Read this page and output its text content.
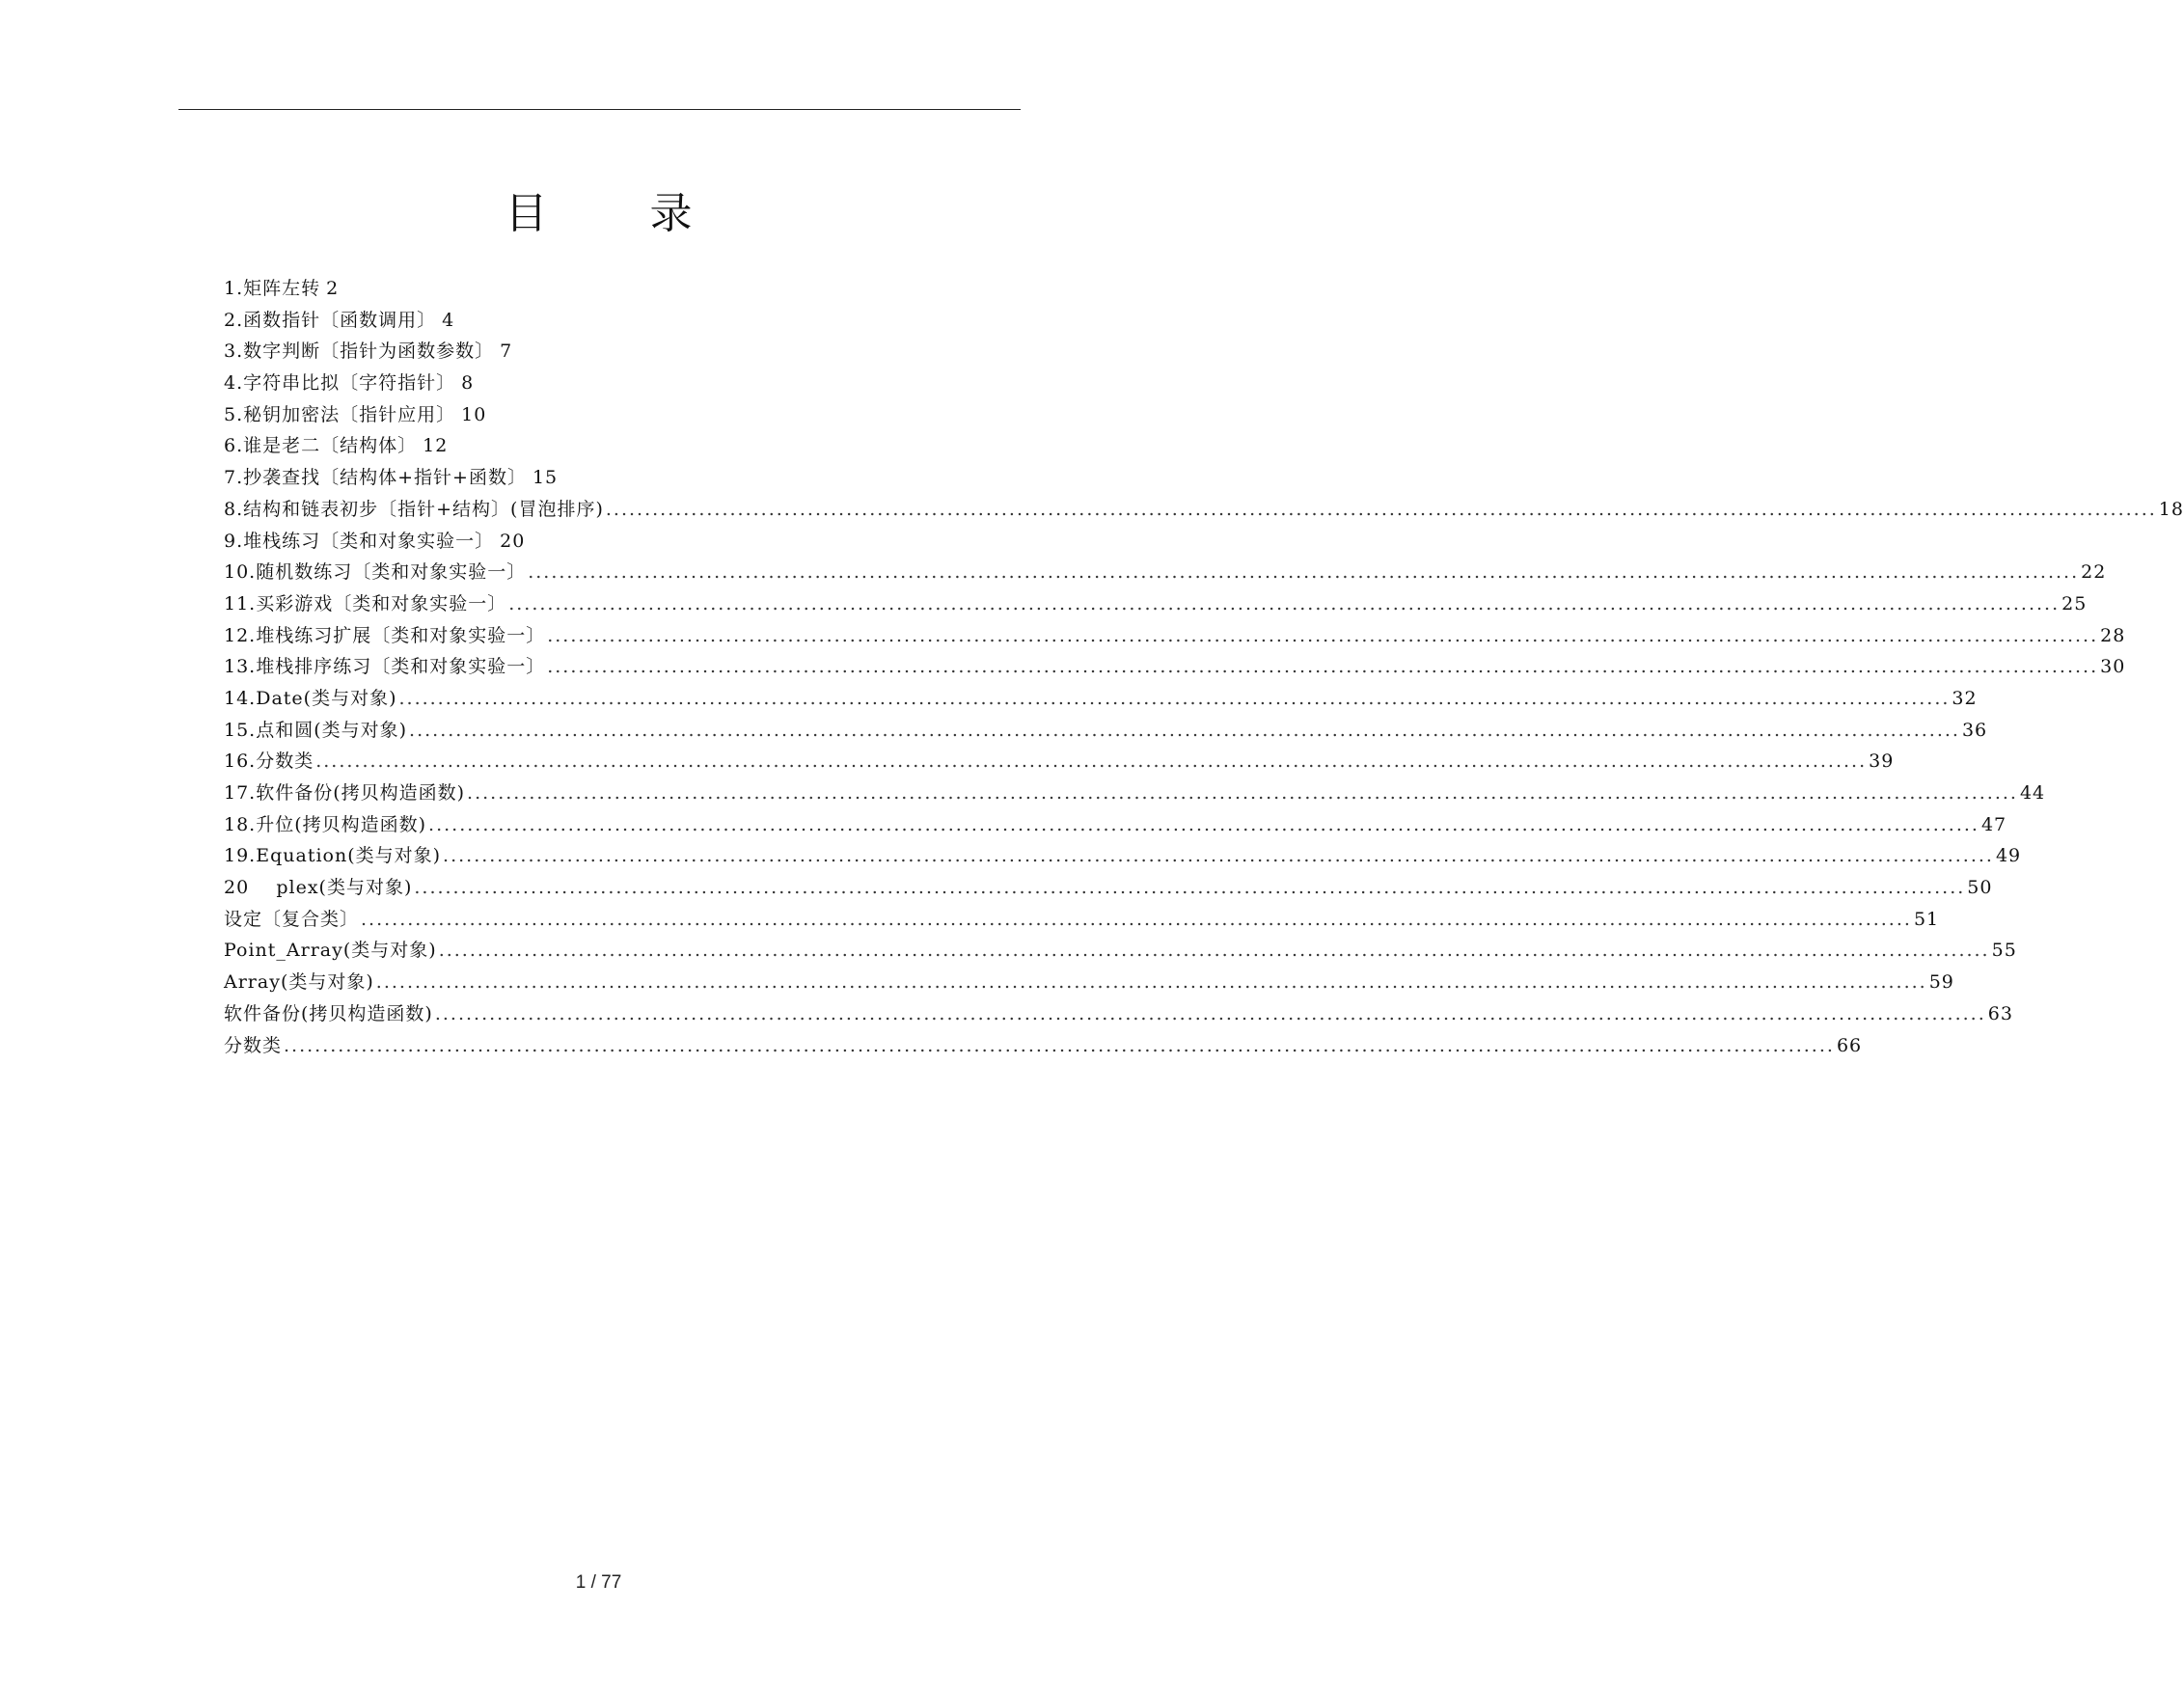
目 录
1.矩阵左转 2
2.函数指针〔函数调用〕 4
3.数字判断〔指针为函数参数〕 7
4.字符串比拟〔字符指针〕 8
5.秘钥加密法〔指针应用〕 10
6.谁是老二〔结构体〕 12
7.抄袭查找〔结构体+指针+函数〕 15
8.结构和链表初步〔指针+结构〕(冒泡排序) ........................................................................................................................................................................................................ 18
9.堆栈练习〔类和对象实验一〕 20
10.随机数练习〔类和对象实验一〕 ........................................................................................................................................................................................................ 22
11.买彩游戏〔类和对象实验一〕 ........................................................................................................................................................................................................ 25
12.堆栈练习扩展〔类和对象实验一〕 ........................................................................................................................................................................................................ 28
13.堆栈排序练习〔类和对象实验一〕 ........................................................................................................................................................................................................ 30
14.Date(类与对象) ........................................................................................................................................................................................................ 32
15.点和圆(类与对象) ........................................................................................................................................................................................................ 36
16.分数类 ........................................................................................................................................................................................................ 39
17.软件备份(拷贝构造函数) ........................................................................................................................................................................................................ 44
18.升位(拷贝构造函数) ........................................................................................................................................................................................................ 47
19.Equation(类与对象) ........................................................................................................................................................................................................ 49
20    plex(类与对象) ........................................................................................................................................................................................................ 50
设定〔复合类〕 ........................................................................................................................................................................................................ 51
Point_Array(类与对象) ........................................................................................................................................................................................................ 55
Array(类与对象) ........................................................................................................................................................................................................ 59
软件备份(拷贝构造函数) ........................................................................................................................................................................................................ 63
分数类 ........................................................................................................................................................................................................ 66
1 / 77
